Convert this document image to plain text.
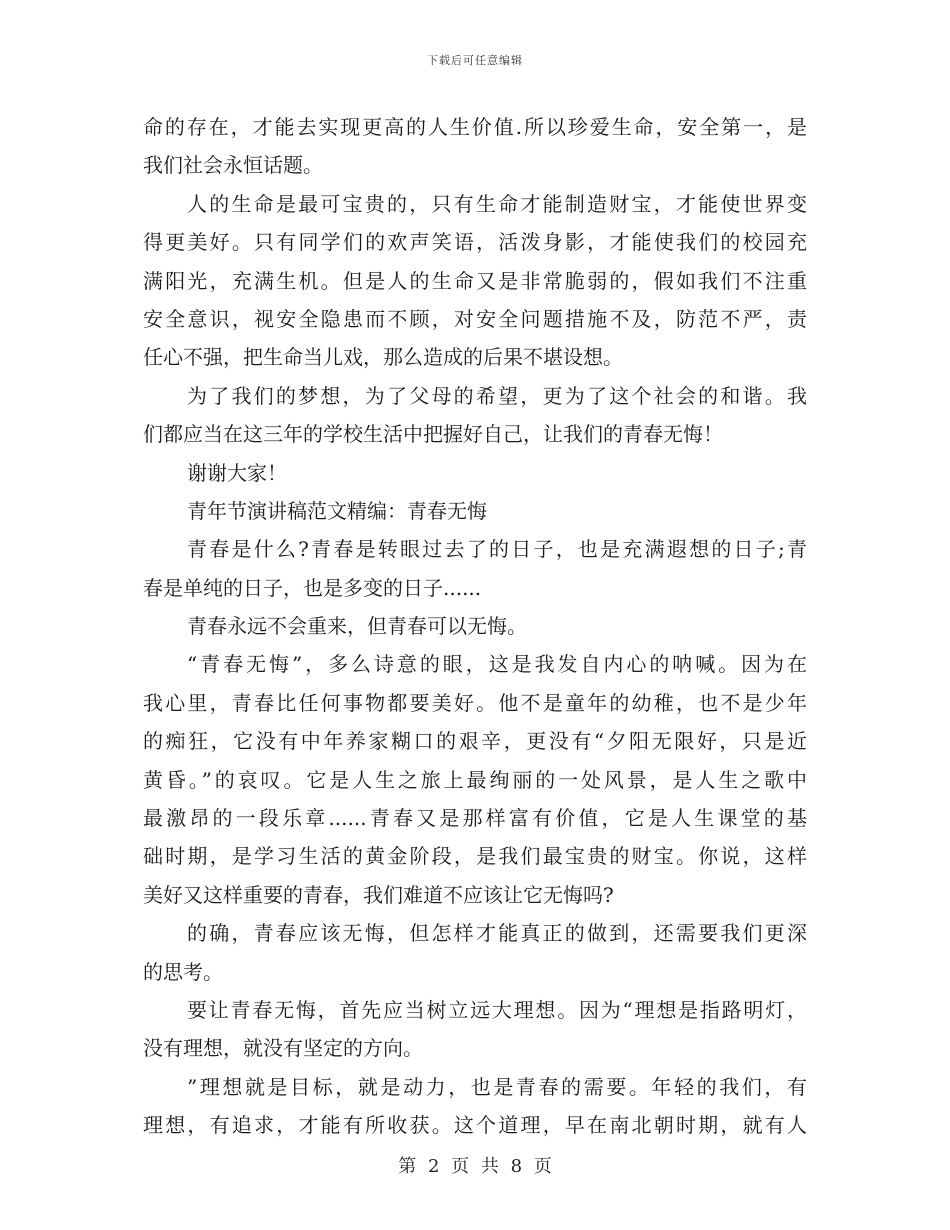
下载后可任意编辑
命的存在，才能去实现更高的人生价值.所以珍爱生命，安全第一，是
我们社会永恒话题。
人的生命是最可宝贵的，只有生命才能制造财宝，才能使世界变
得更美好。只有同学们的欢声笑语，活泼身影，才能使我们的校园充
满阳光，充满生机。但是人的生命又是非常脆弱的，假如我们不注重
安全意识，视安全隐患而不顾，对安全问题措施不及，防范不严，责
任心不强，把生命当儿戏，那么造成的后果不堪设想。
为了我们的梦想，为了父母的希望，更为了这个社会的和谐。我
们都应当在这三年的学校生活中把握好自己，让我们的青春无悔！
谢谢大家！
青年节演讲稿范文精编：青春无悔
青春是什么?青春是转眼过去了的日子，也是充满遐想的日子;青
春是单纯的日子，也是多变的日子......
青春永远不会重来，但青春可以无悔。
“青春无悔”，多么诗意的眼，这是我发自内心的呐喊。因为在
我心里，青春比任何事物都要美好。他不是童年的幼稚，也不是少年
的痴狂，它没有中年养家糊口的艰辛，更没有“夕阳无限好，只是近
黄昏。”的哀叹。它是人生之旅上最绚丽的一处风景，是人生之歌中
最激昂的一段乐章......青春又是那样富有价值，它是人生课堂的基
础时期，是学习生活的黄金阶段，是我们最宝贵的财宝。你说，这样
美好又这样重要的青春，我们难道不应该让它无悔吗?
的确，青春应该无悔，但怎样才能真正的做到，还需要我们更深
的思考。
要让青春无悔，首先应当树立远大理想。因为“理想是指路明灯，
没有理想，就没有坚定的方向。
”理想就是目标，就是动力，也是青春的需要。年轻的我们，有
理想，有追求，才能有所收获。这个道理，早在南北朝时期，就有人
第 2 页 共 8 页
